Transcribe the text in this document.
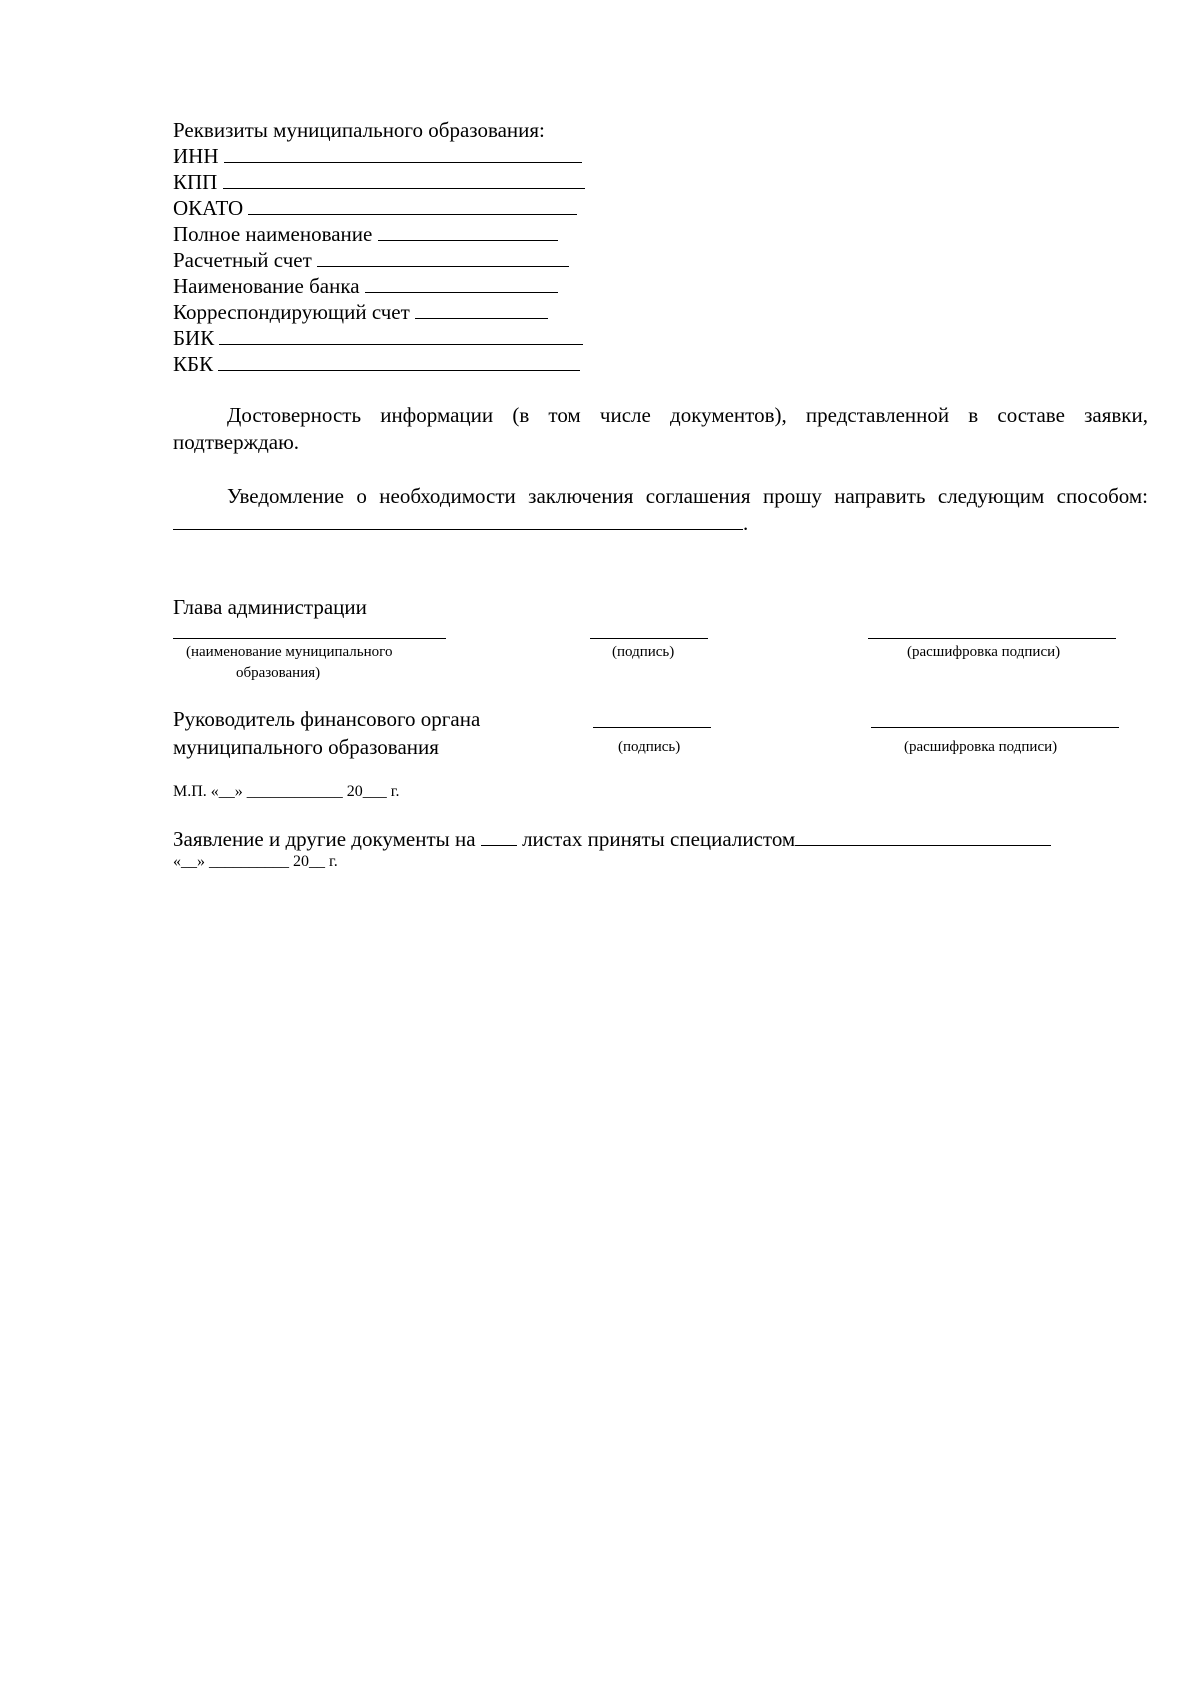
Реквизиты муниципального образования:
ИНН
КПП
ОКАТО
Полное наименование
Расчетный счет
Наименование банка
Корреспондирующий счет
БИК
КБК
Достоверность информации (в том числе документов), представленной в составе заявки, подтверждаю.
Уведомление о необходимости заключения соглашения прошу направить следующим способом: .
Глава администрации
(наименование муниципального
образования)
(подпись)	(расшифровка подписи)
Руководитель финансового органа
муниципального образования	(подпись)	(расшифровка подписи)
М.П. «__» ____________ 20___ г.
Заявление и другие документы на листах приняты специалистом
«__» __________ 20__ г.
